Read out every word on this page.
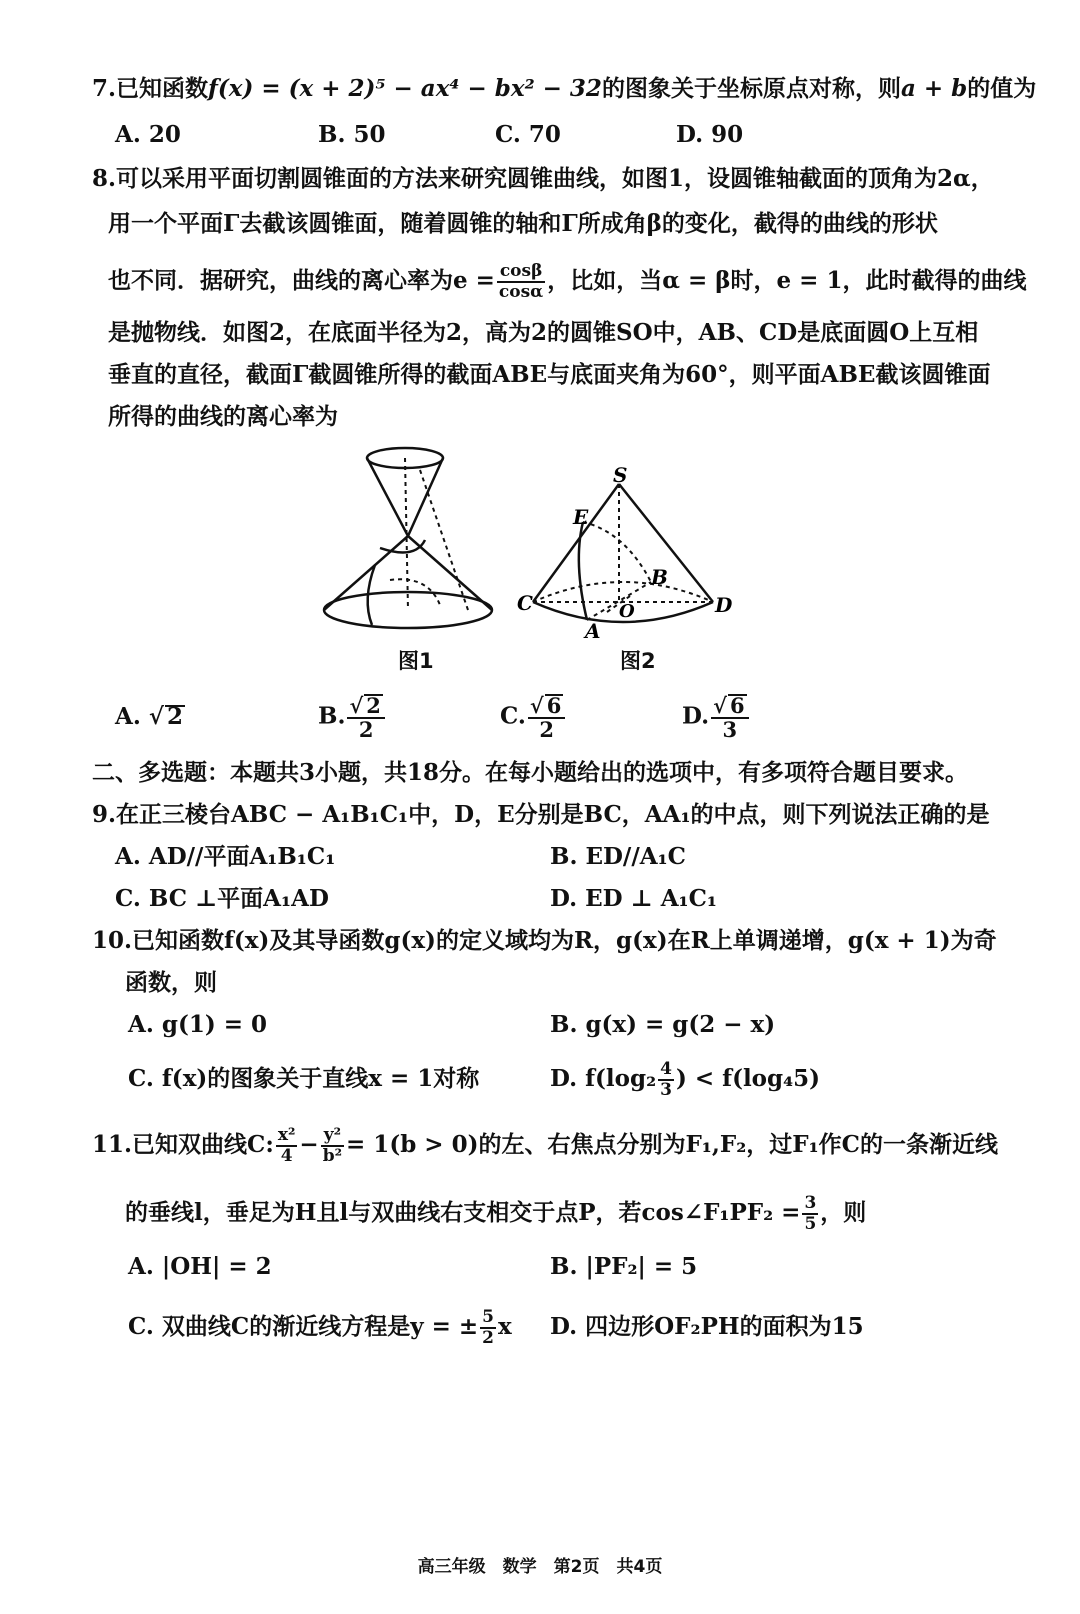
7.已知函数f(x) = (x + 2)⁵ − ax⁴ − bx² − 32的图象关于坐标原点对称，则a + b的值为
A. 20	B. 50	C. 70	D. 90
8.可以采用平面切割圆锥面的方法来研究圆锥曲线，如图1，设圆锥轴截面的顶角为2α，
用一个平面Γ去截该圆锥面，随着圆锥的轴和Γ所成角β的变化，截得的曲线的形状
也不同．据研究，曲线的离心率为$e = \frac{\cos\beta}{\cos\alpha}$ ，比如，当α = β时，e = 1，此时截得的曲线
是抛物线．如图2，在底面半径为2，高为2的圆锥SO中，AB、CD是底面圆O上互相
垂直的直径，截面Γ截圆锥所得的截面ABE与底面夹角为60°，则平面ABE截该圆锥面
所得的曲线的离心率为
图1
S
E
B
C	O	D
A
图2
A. √ 2	B. $\frac{√ 2}{2}$	C. $\frac{√ 6}{2}$	D. $\frac{√ 6}{3}$
二、多选题：本题共3小题，共18分。在每小题给出的选项中，有多项符合题目要求。
9.在正三棱台ABC − A₁B₁C₁中，D，E分别是BC，AA₁的中点，则下列说法正确的是
A. AD//平面A₁B₁C₁	B. ED//A₁C
C. BC ⊥平面A₁AD	D. ED ⊥ A₁C₁
10.已知函数f(x)及其导函数g(x)的定义域均为R，g(x)在R上单调递增，g(x + 1)为奇
函数，则
A. g(1) = 0	B. g(x) = g(2 − x)
C. f(x)的图象关于直线x = 1对称	D. $f(\log_2 \frac{4}{3}$ ) < f(log₄5)
11.已知双曲线C: $\frac{\text{x²}}{4} - \frac{\text{y²}}{\text{b²}} = 1(b > 0)$的左、右焦点分别为F₁,F₂，过F₁作C的一条渐近线
的垂线l，垂足为H且l与双曲线右支相交于点P，若cos∠F₁PF₂ = $\frac{3}{5}$ ，则
A. |OH| = 2	B. |PF₂| = 5
C. 双曲线C的渐近线方程是y = ± $\frac{5}{2}$ x D. 四边形OF₂PH的面积为15
高三年级　数学　第2页　共4页
